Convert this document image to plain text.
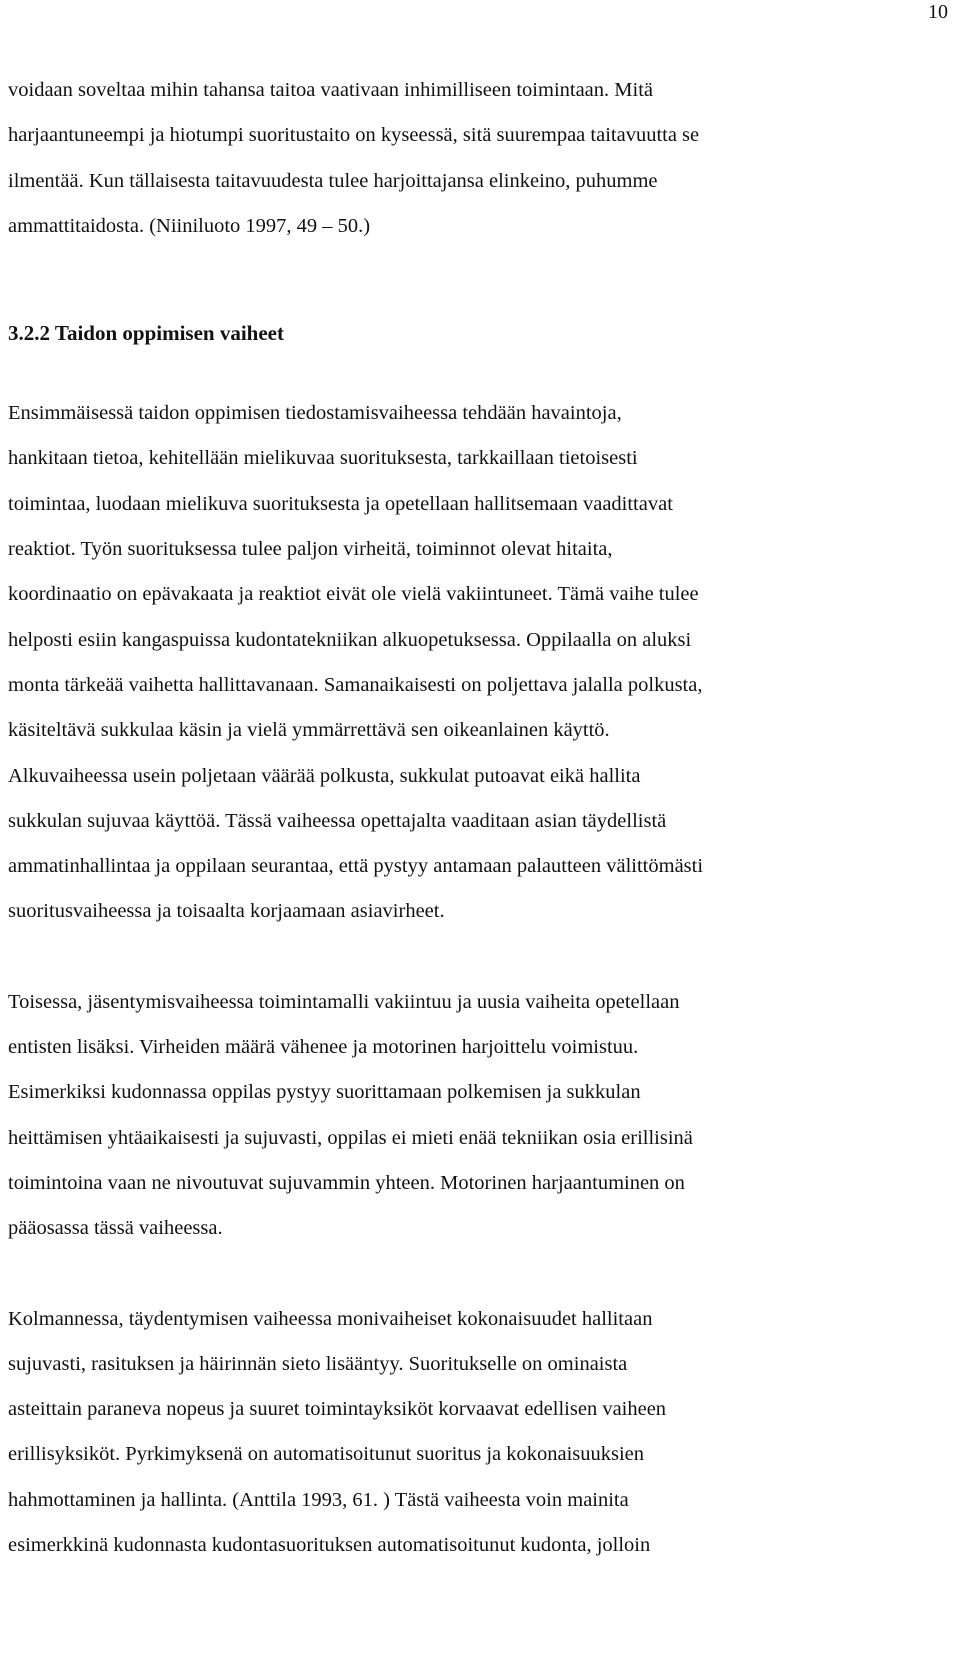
10
voidaan soveltaa mihin tahansa taitoa vaativaan inhimilliseen toimintaan. Mitä
harjaantuneempi ja hiotumpi suoritustaito on kyseessä, sitä suurempaa taitavuutta se
ilmentää. Kun tällaisesta taitavuudesta tulee harjoittajansa elinkeino, puhumme
ammattitaidosta. (Niiniluoto 1997, 49 – 50.)
3.2.2 Taidon oppimisen vaiheet
Ensimmäisessä taidon oppimisen tiedostamisvaiheessa tehdään havaintoja,
hankitaan tietoa, kehitellään mielikuvaa suorituksesta, tarkkaillaan tietoisesti
toimintaa, luodaan mielikuva suorituksesta ja opetellaan hallitsemaan vaadittavat
reaktiot. Työn suorituksessa tulee paljon virheitä, toiminnot olevat hitaita,
koordinaatio on epävakaata ja reaktiot eivät ole vielä vakiintuneet. Tämä vaihe tulee
helposti esiin kangaspuissa kudontatekniikan alkuopetuksessa. Oppilaalla on aluksi
monta tärkeää vaihetta hallittavanaan. Samanaikaisesti on poljettava jalalla polkusta,
käsiteltävä sukkulaa käsin ja vielä ymmärrettävä sen oikeanlainen käyttö.
Alkuvaiheessa usein poljetaan väärää polkusta, sukkulat putoavat eikä hallita
sukkulan sujuvaa käyttöä. Tässä vaiheessa opettajalta vaaditaan asian täydellistä
ammatinhallintaa ja oppilaan seurantaa, että pystyy antamaan palautteen välittömästi
suoritusvaiheessa ja toisaalta korjaamaan asiavirheet.
Toisessa, jäsentymisvaiheessa toimintamalli vakiintuu ja uusia vaiheita opetellaan
entisten lisäksi. Virheiden määrä vähenee ja motorinen harjoittelu voimistuu.
Esimerkiksi kudonnassa oppilas pystyy suorittamaan polkemisen ja sukkulan
heittämisen yhtäaikaisesti ja sujuvasti, oppilas ei mieti enää tekniikan osia erillisinä
toimintoina vaan ne nivoutuvat sujuvammin yhteen. Motorinen harjaantuminen on
pääosassa tässä vaiheessa.
Kolmannessa, täydentymisen vaiheessa monivaiheiset kokonaisuudet hallitaan
sujuvasti, rasituksen ja häirinnän sieto lisääntyy. Suoritukselle on ominaista
asteittain paraneva nopeus ja suuret toimintayksiköt korvaavat edellisen vaiheen
erillisyksiköt. Pyrkimyksenä on automatisoitunut suoritus ja kokonaisuuksien
hahmottaminen ja hallinta. (Anttila 1993, 61. ) Tästä vaiheesta voin mainita
esimerkkinä kudonnasta kudontasuorituksen automatisoitunut kudonta, jolloin
